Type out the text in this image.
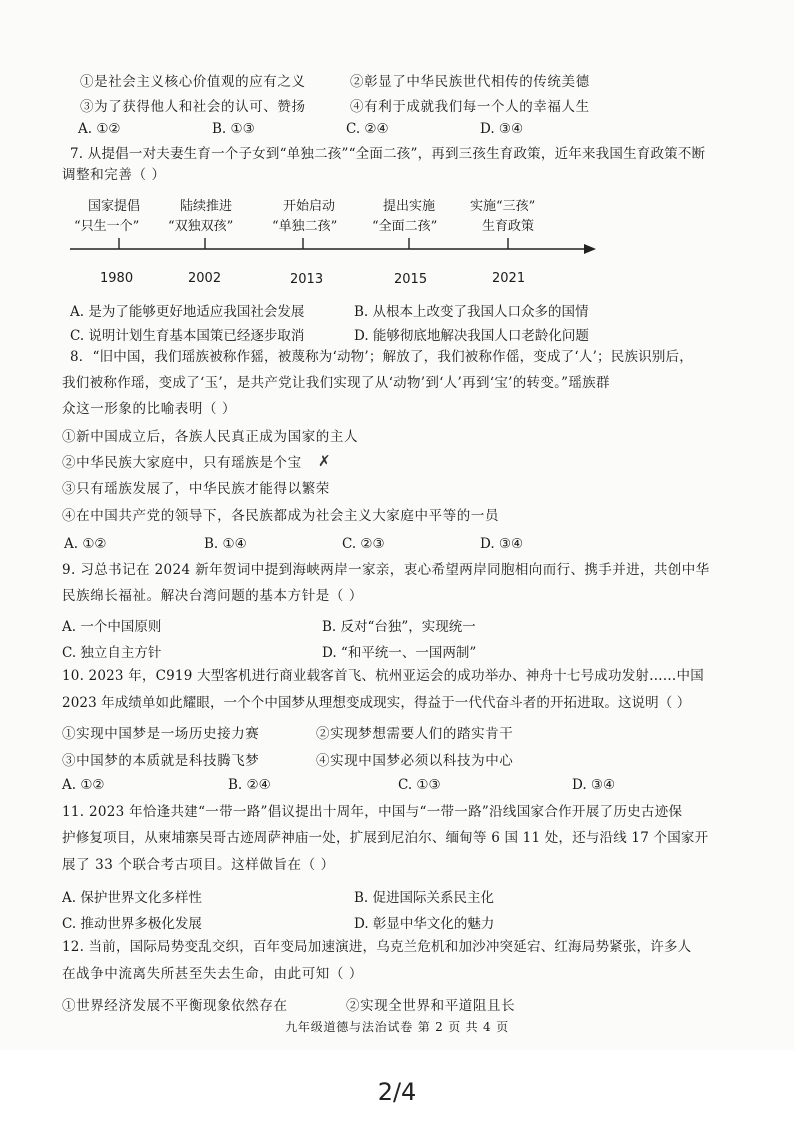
①是社会主义核心价值观的应有之义	②彰显了中华民族世代相传的传统美德
③为了获得他人和社会的认可、赞扬	④有利于成就我们每一个人的幸福人生
A. ①②	B. ①③	C. ②④	D. ③④
7. 从提倡一对夫妻生育一个子女到“单独二孩”“全面二孩”，再到三孩生育政策，近年来我国生育政策不断
调整和完善（ ）
国家提倡
“只生一个”
陆续推进
“双独双孩”
开始启动
“单独二孩”
提出实施
“全面二孩”
实施“三孩”
生育政策
1980	2002	2013	2015	2021
A. 是为了能够更好地适应我国社会发展	B. 从根本上改变了我国人口众多的国情
C. 说明计划生育基本国策已经逐步取消	D. 能够彻底地解决我国人口老龄化问题
8．“旧中国，我们瑶族被称作猺，被蔑称为‘动物’；解放了，我们被称作傜，变成了‘人’；民族识别后，
我们被称作瑶，变成了‘玉’，是共产党让我们实现了从‘动物’到‘人’再到‘宝’的转变。”瑶族群
众这一形象的比喻表明（ ）
①新中国成立后，各族人民真正成为国家的主人
②中华民族大家庭中，只有瑶族是个宝 ✗
③只有瑶族发展了，中华民族才能得以繁荣
④在中国共产党的领导下，各民族都成为社会主义大家庭中平等的一员
A. ①②	B. ①④	C. ②③	D. ③④
9. 习总书记在 2024 新年贺词中提到海峡两岸一家亲，衷心希望两岸同胞相向而行、携手并进，共创中华
民族绵长福祉。解决台湾问题的基本方针是（ ）
A. 一个中国原则	B. 反对“台独”，实现统一
C. 独立自主方针	D. “和平统一、一国两制”
10. 2023 年，C919 大型客机进行商业载客首飞、杭州亚运会的成功举办、神舟十七号成功发射……中国
2023 年成绩单如此耀眼，一个个中国梦从理想变成现实，得益于一代代奋斗者的开拓进取。这说明（ ）
①实现中国梦是一场历史接力赛	②实现梦想需要人们的踏实肯干
③中国梦的本质就是科技腾飞梦	④实现中国梦必须以科技为中心
A. ①②	B. ②④	C. ①③	D. ③④
11. 2023 年恰逢共建“一带一路”倡议提出十周年，中国与“一带一路”沿线国家合作开展了历史古迹保
护修复项目，从柬埔寨吴哥古迹周萨神庙一处，扩展到尼泊尔、缅甸等 6 国 11 处，还与沿线 17 个国家开
展了 33 个联合考古项目。这样做旨在（ ）
A. 保护世界文化多样性	B. 促进国际关系民主化
C. 推动世界多极化发展	D. 彰显中华文化的魅力
12. 当前，国际局势变乱交织，百年变局加速演进，乌克兰危机和加沙冲突延宕、红海局势紧张，许多人
在战争中流离失所甚至失去生命，由此可知（ ）
①世界经济发展不平衡现象依然存在	②实现全世界和平道阻且长
九年级道德与法治试卷 第 2 页 共 4 页
2/4
